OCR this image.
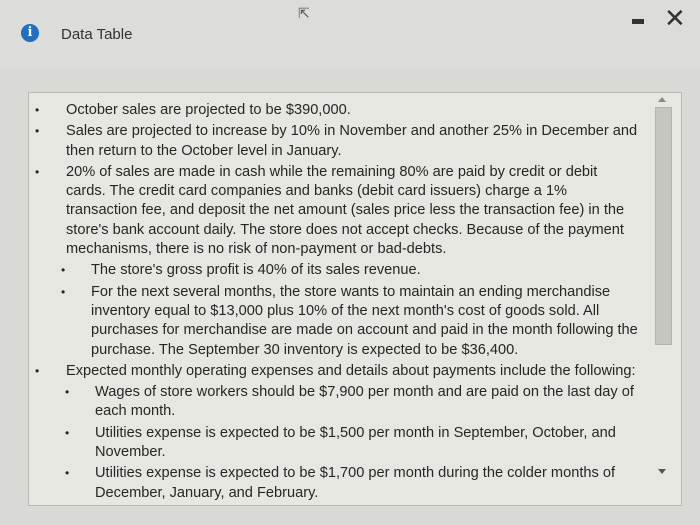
i	Data Table
⇱	✕
• October sales are projected to be $390,000.
• Sales are projected to increase by 10% in November and another 25% in December and then return to the October level in January.
• 20% of sales are made in cash while the remaining 80% are paid by credit or debit cards. The credit card companies and banks (debit card issuers) charge a 1% transaction fee, and deposit the net amount (sales price less the transaction fee) in the store's bank account daily. The store does not accept checks. Because of the payment mechanisms, there is no risk of non-payment or bad-debts.
• The store's gross profit is 40% of its sales revenue.
• For the next several months, the store wants to maintain an ending merchandise inventory equal to $13,000 plus 10% of the next month's cost of goods sold. All purchases for merchandise are made on account and paid in the month following the purchase. The September 30 inventory is expected to be $36,400.
• Expected monthly operating expenses and details about payments include the following:
• Wages of store workers should be $7,900 per month and are paid on the last day of each month.
• Utilities expense is expected to be $1,500 per month in September, October, and November.
• Utilities expense is expected to be $1,700 per month during the colder months of December, January, and February.
